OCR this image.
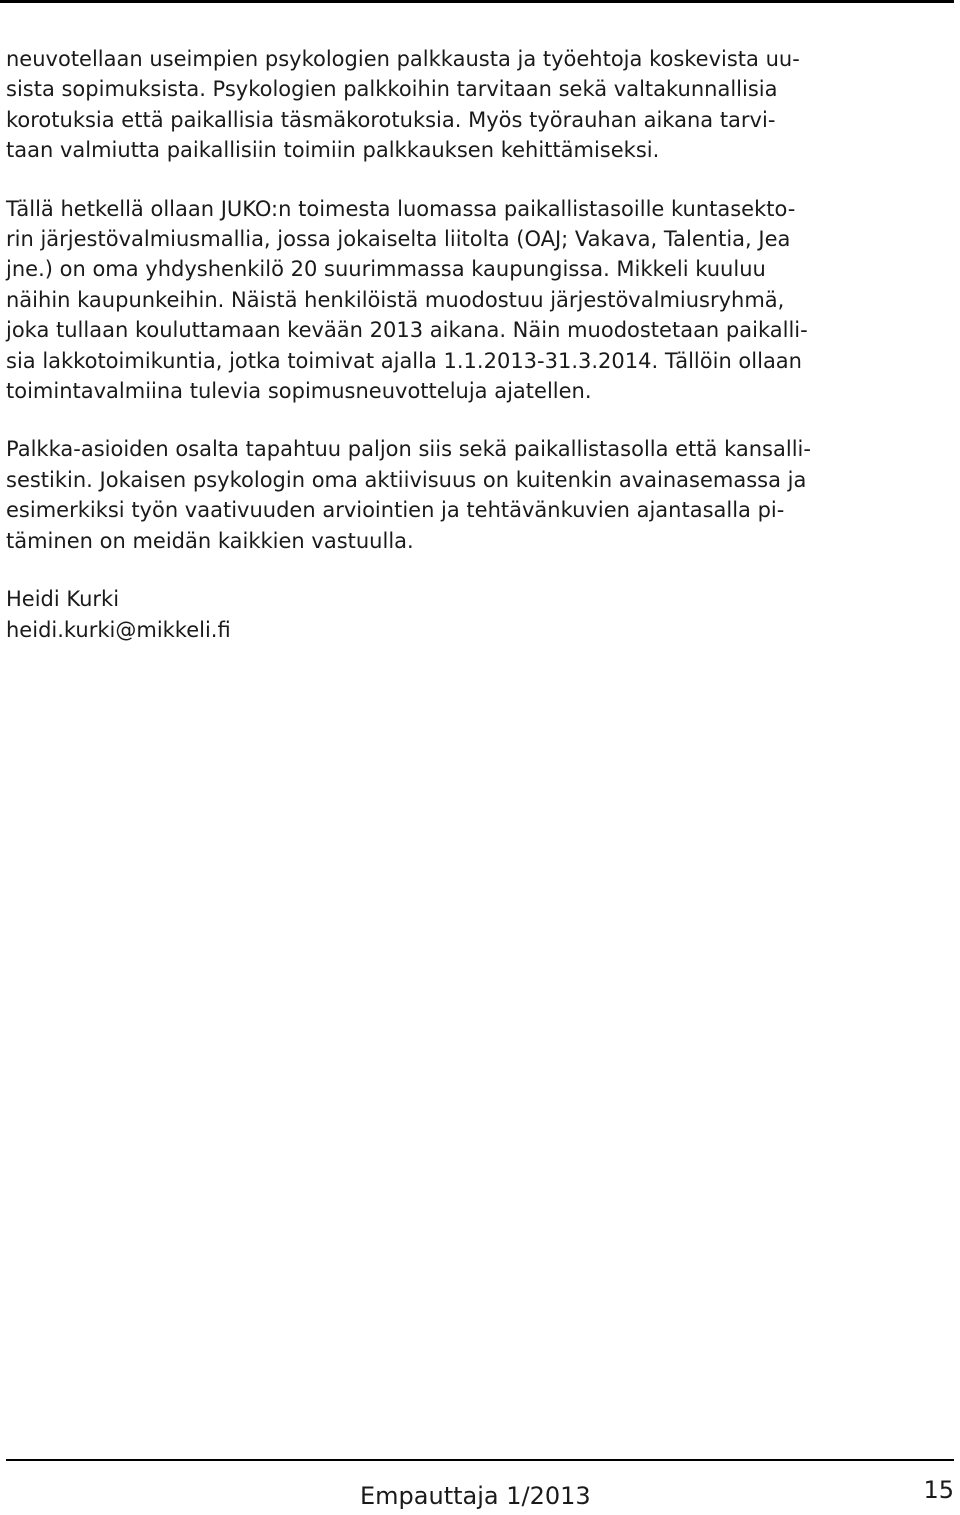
neuvotellaan useimpien psykologien palkkausta ja työehtoja koskevista uu-
sista sopimuksista. Psykologien palkkoihin tarvitaan sekä valtakunnallisia
korotuksia että paikallisia täsmäkorotuksia. Myös työrauhan aikana tarvi-
taan valmiutta paikallisiin toimiin palkkauksen kehittämiseksi.

Tällä hetkellä ollaan JUKO:n toimesta luomassa paikallistasoille kuntasekto-
rin järjestövalmiusmallia, jossa jokaiselta liitolta (OAJ; Vakava, Talentia, Jea
jne.) on oma yhdyshenkilö 20 suurimmassa kaupungissa. Mikkeli kuuluu
näihin kaupunkeihin. Näistä henkilöistä muodostuu järjestövalmiusryhmä,
joka tullaan kouluttamaan kevään 2013 aikana. Näin muodostetaan paikalli-
sia lakkotoimikuntia, jotka toimivat ajalla 1.1.2013-31.3.2014. Tällöin ollaan
toimintavalmiina tulevia sopimusneuvotteluja ajatellen.

Palkka-asioiden osalta tapahtuu paljon siis sekä paikallistasolla että kansalli-
sestikin. Jokaisen psykologin oma aktiivisuus on kuitenkin avainasemassa ja
esimerkiksi työn vaativuuden arviointien ja tehtävänkuvien ajantasalla pi-
täminen on meidän kaikkien vastuulla.

Heidi Kurki
heidi.kurki@mikkeli.fi
Empauttaja 1/2013	15
